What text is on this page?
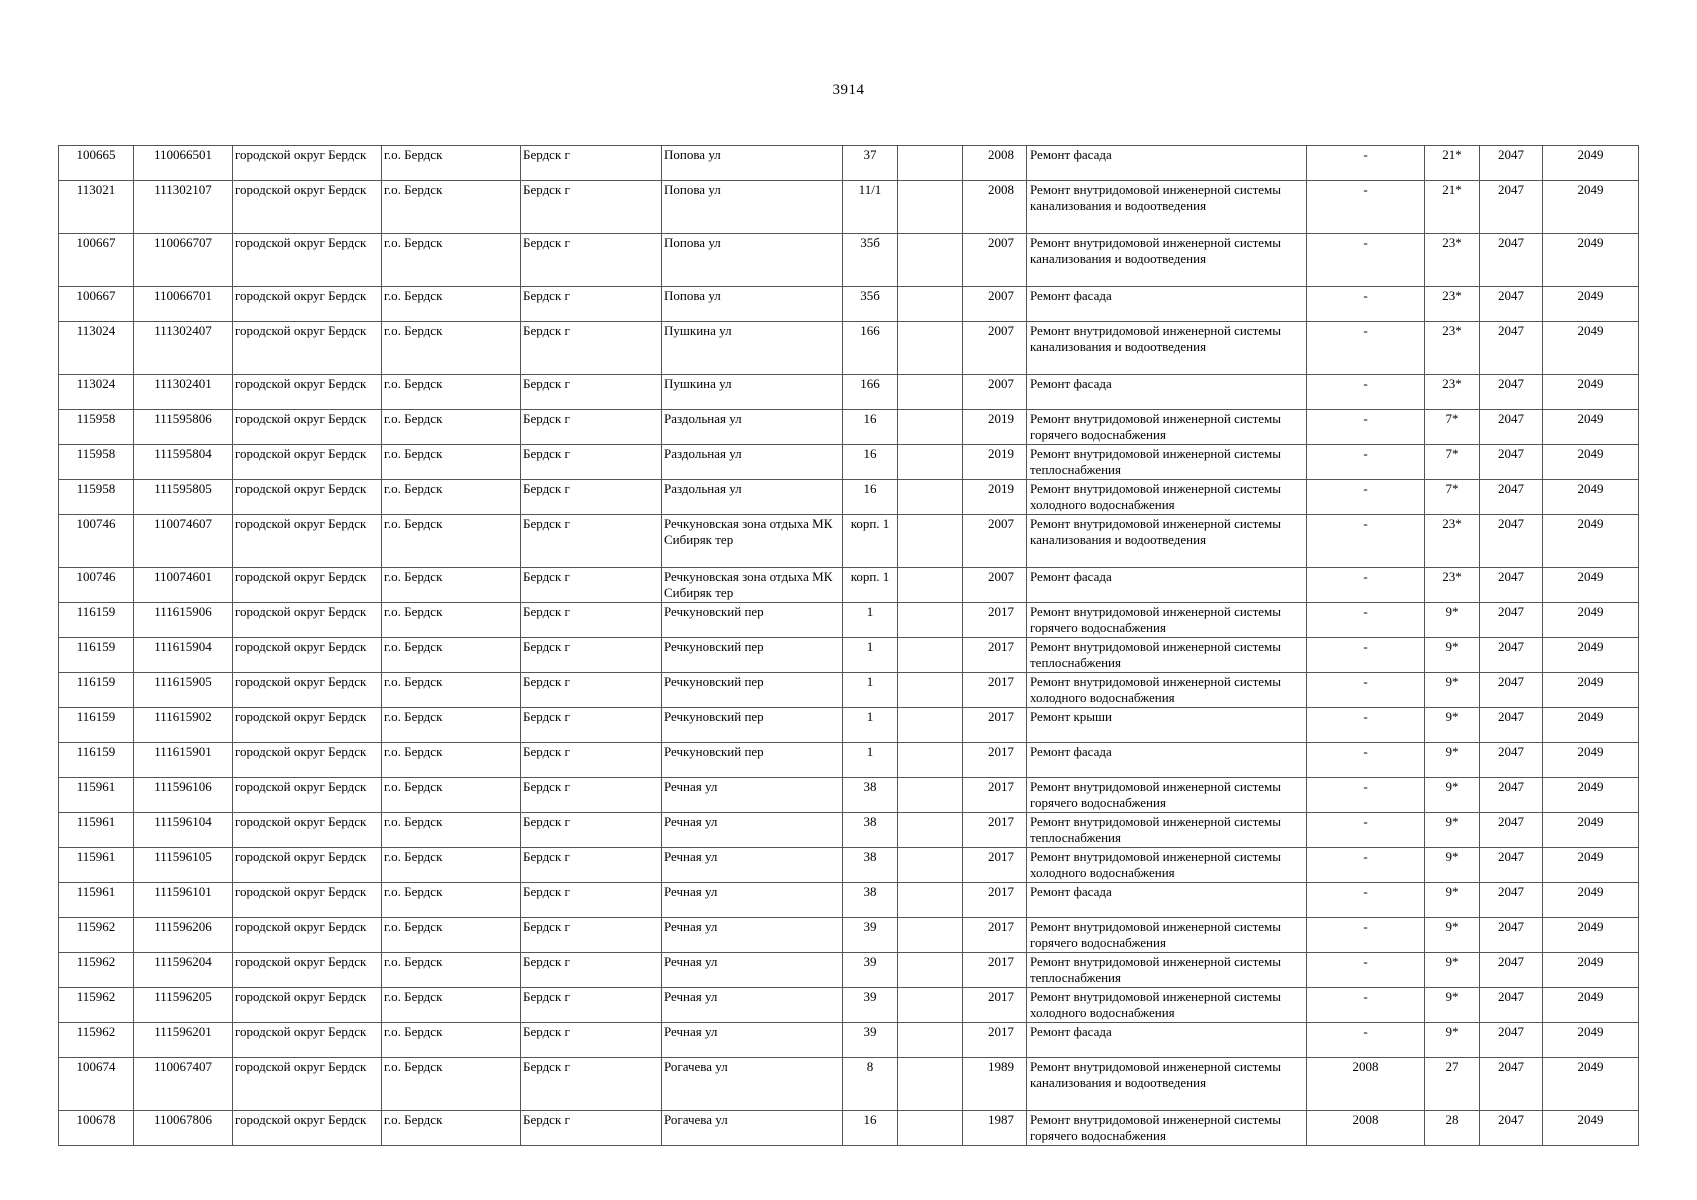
3914
100665	110066501	городской округ Бердск	г.о. Бердск	Бердск г	Попова ул	37		2008	Ремонт фасада	-	21*	2047	2049
113021	111302107	городской округ Бердск	г.о. Бердск	Бердск г	Попова ул	11/1		2008	Ремонт внутридомовой инженерной системы канализования и водоотведения	-	21*	2047	2049
100667	110066707	городской округ Бердск	г.о. Бердск	Бердск г	Попова ул	35б		2007	Ремонт внутридомовой инженерной системы канализования и водоотведения	-	23*	2047	2049
100667	110066701	городской округ Бердск	г.о. Бердск	Бердск г	Попова ул	35б		2007	Ремонт фасада	-	23*	2047	2049
113024	111302407	городской округ Бердск	г.о. Бердск	Бердск г	Пушкина ул	166		2007	Ремонт внутридомовой инженерной системы канализования и водоотведения	-	23*	2047	2049
113024	111302401	городской округ Бердск	г.о. Бердск	Бердск г	Пушкина ул	166		2007	Ремонт фасада	-	23*	2047	2049
115958	111595806	городской округ Бердск	г.о. Бердск	Бердск г	Раздольная ул	16		2019	Ремонт внутридомовой инженерной системы горячего водоснабжения	-	7*	2047	2049
115958	111595804	городской округ Бердск	г.о. Бердск	Бердск г	Раздольная ул	16		2019	Ремонт внутридомовой инженерной системы теплоснабжения	-	7*	2047	2049
115958	111595805	городской округ Бердск	г.о. Бердск	Бердск г	Раздольная ул	16		2019	Ремонт внутридомовой инженерной системы холодного водоснабжения	-	7*	2047	2049
100746	110074607	городской округ Бердск	г.о. Бердск	Бердск г	Речкуновская зона отдыха МК Сибиряк тер	корп. 1		2007	Ремонт внутридомовой инженерной системы канализования и водоотведения	-	23*	2047	2049
100746	110074601	городской округ Бердск	г.о. Бердск	Бердск г	Речкуновская зона отдыха МК Сибиряк тер	корп. 1		2007	Ремонт фасада	-	23*	2047	2049
116159	111615906	городской округ Бердск	г.о. Бердск	Бердск г	Речкуновский пер	1		2017	Ремонт внутридомовой инженерной системы горячего водоснабжения	-	9*	2047	2049
116159	111615904	городской округ Бердск	г.о. Бердск	Бердск г	Речкуновский пер	1		2017	Ремонт внутридомовой инженерной системы теплоснабжения	-	9*	2047	2049
116159	111615905	городской округ Бердск	г.о. Бердск	Бердск г	Речкуновский пер	1		2017	Ремонт внутридомовой инженерной системы холодного водоснабжения	-	9*	2047	2049
116159	111615902	городской округ Бердск	г.о. Бердск	Бердск г	Речкуновский пер	1		2017	Ремонт крыши	-	9*	2047	2049
116159	111615901	городской округ Бердск	г.о. Бердск	Бердск г	Речкуновский пер	1		2017	Ремонт фасада	-	9*	2047	2049
115961	111596106	городской округ Бердск	г.о. Бердск	Бердск г	Речная ул	38		2017	Ремонт внутридомовой инженерной системы горячего водоснабжения	-	9*	2047	2049
115961	111596104	городской округ Бердск	г.о. Бердск	Бердск г	Речная ул	38		2017	Ремонт внутридомовой инженерной системы теплоснабжения	-	9*	2047	2049
115961	111596105	городской округ Бердск	г.о. Бердск	Бердск г	Речная ул	38		2017	Ремонт внутридомовой инженерной системы холодного водоснабжения	-	9*	2047	2049
115961	111596101	городской округ Бердск	г.о. Бердск	Бердск г	Речная ул	38		2017	Ремонт фасада	-	9*	2047	2049
115962	111596206	городской округ Бердск	г.о. Бердск	Бердск г	Речная ул	39		2017	Ремонт внутридомовой инженерной системы горячего водоснабжения	-	9*	2047	2049
115962	111596204	городской округ Бердск	г.о. Бердск	Бердск г	Речная ул	39		2017	Ремонт внутридомовой инженерной системы теплоснабжения	-	9*	2047	2049
115962	111596205	городской округ Бердск	г.о. Бердск	Бердск г	Речная ул	39		2017	Ремонт внутридомовой инженерной системы холодного водоснабжения	-	9*	2047	2049
115962	111596201	городской округ Бердск	г.о. Бердск	Бердск г	Речная ул	39		2017	Ремонт фасада	-	9*	2047	2049
100674	110067407	городской округ Бердск	г.о. Бердск	Бердск г	Рогачева ул	8		1989	Ремонт внутридомовой инженерной системы канализования и водоотведения	2008	27	2047	2049
100678	110067806	городской округ Бердск	г.о. Бердск	Бердск г	Рогачева ул	16		1987	Ремонт внутридомовой инженерной системы горячего водоснабжения	2008	28	2047	2049
